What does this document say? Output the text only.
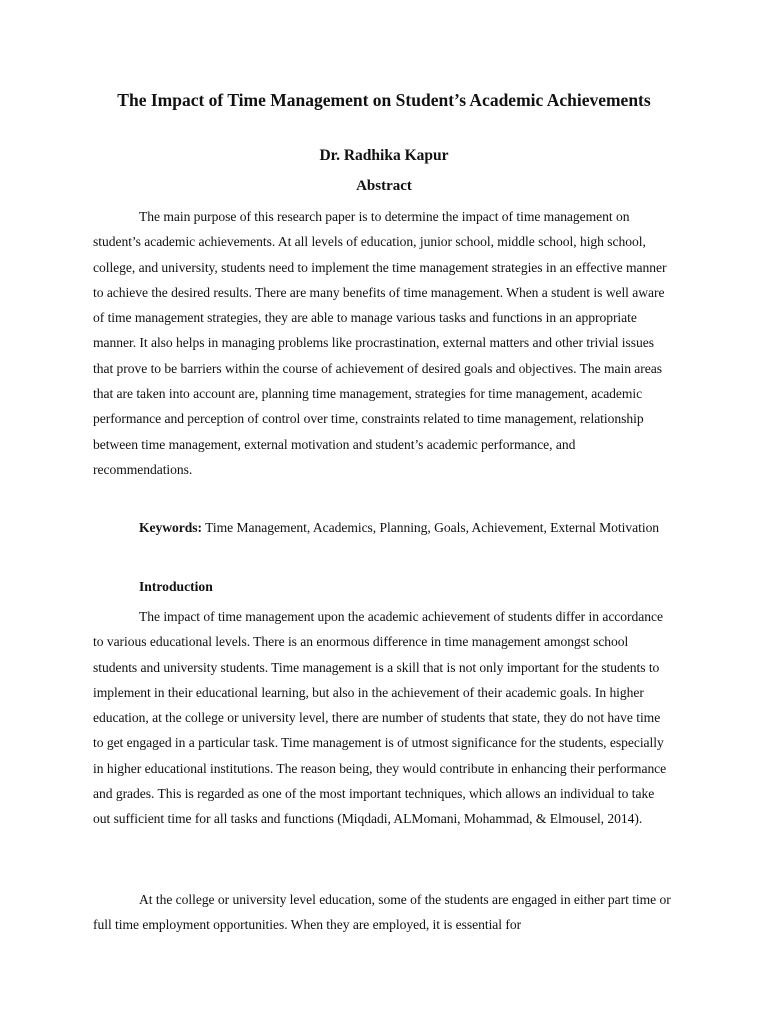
The Impact of Time Management on Student’s Academic Achievements
Dr. Radhika Kapur
Abstract

The main purpose of this research paper is to determine the impact of time management on student’s academic achievements. At all levels of education, junior school, middle school, high school, college, and university, students need to implement the time management strategies in an effective manner to achieve the desired results. There are many benefits of time management. When a student is well aware of time management strategies, they are able to manage various tasks and functions in an appropriate manner. It also helps in managing problems like procrastination, external matters and other trivial issues that prove to be barriers within the course of achievement of desired goals and objectives. The main areas that are taken into account are, planning time management, strategies for time management, academic performance and perception of control over time, constraints related to time management, relationship between time management, external motivation and student’s academic performance, and recommendations.

Keywords: Time Management, Academics, Planning, Goals, Achievement, External Motivation

Introduction

The impact of time management upon the academic achievement of students differ in accordance to various educational levels. There is an enormous difference in time management amongst school students and university students. Time management is a skill that is not only important for the students to implement in their educational learning, but also in the achievement of their academic goals. In higher education, at the college or university level, there are number of students that state, they do not have time to get engaged in a particular task. Time management is of utmost significance for the students, especially in higher educational institutions. The reason being, they would contribute in enhancing their performance and grades. This is regarded as one of the most important techniques, which allows an individual to take out sufficient time for all tasks and functions (Miqdadi, ALMomani, Mohammad, & Elmousel, 2014).

At the college or university level education, some of the students are engaged in either part time or full time employment opportunities. When they are employed, it is essential for
